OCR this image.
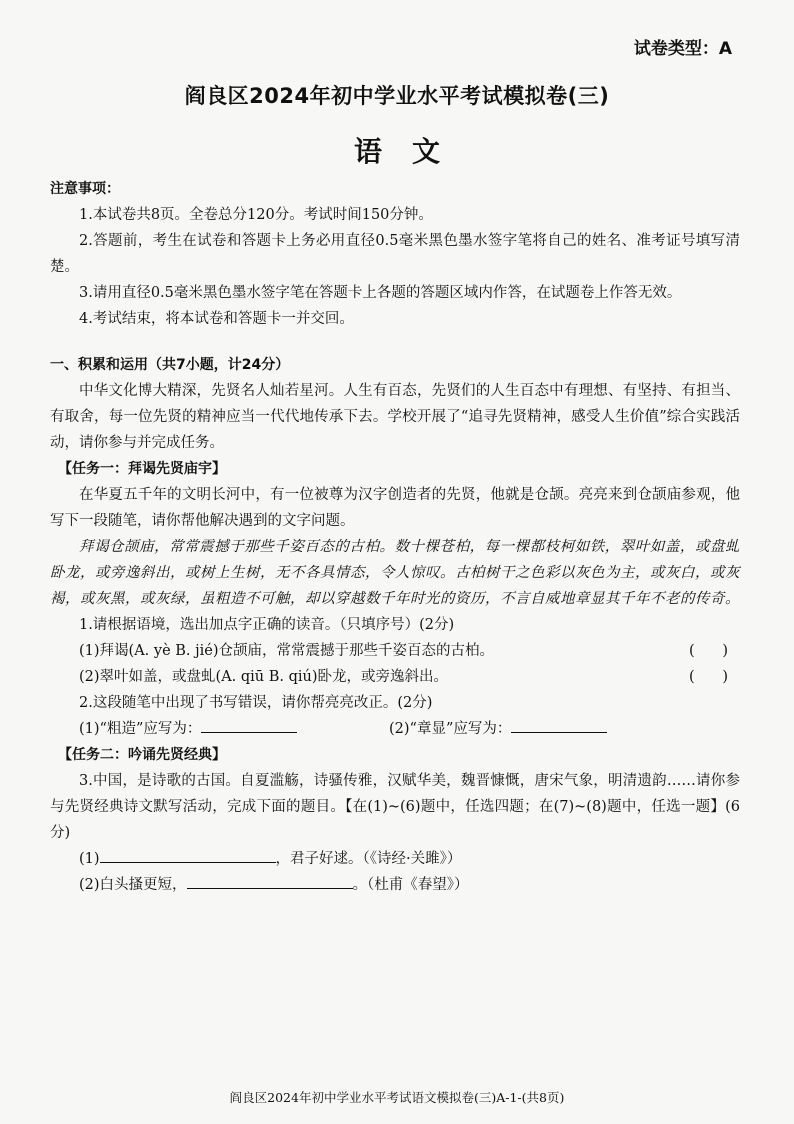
试卷类型：A
阎良区2024年初中学业水平考试模拟卷(三)
语文
注意事项：

1.本试卷共8页。全卷总分120分。考试时间150分钟。

2.答题前，考生在试卷和答题卡上务必用直径0.5毫米黑色墨水签字笔将自己的姓名、准考证号填写清楚。

3.请用直径0.5毫米黑色墨水签字笔在答题卡上各题的答题区域内作答，在试题卷上作答无效。

4.考试结束，将本试卷和答题卡一并交回。

一、积累和运用（共7小题，计24分）

中华文化博大精深，先贤名人灿若星河。人生有百态，先贤们的人生百态中有理想、有坚持、有担当、有取舍，每一位先贤的精神应当一代代地传承下去。学校开展了“追寻先贤精神，感受人生价值”综合实践活动，请你参与并完成任务。

【任务一：拜谒先贤庙宇】

在华夏五千年的文明长河中，有一位被尊为汉字创造者的先贤，他就是仓颉。亮亮来到仓颉庙参观，他写下一段随笔，请你帮他解决遇到的文字问题。

拜谒仓颉庙，常常震撼于那些千姿百态的古柏。数十棵苍柏，每一棵都枝柯如铁，翠叶如盖，或盘虬卧龙，或旁逸斜出，或树上生树，无不各具情态，令人惊叹。古柏树干之色彩以灰色为主，或灰白，或灰褐，或灰黑，或灰绿，虽粗造不可触，却以穿越数千年时光的资历，不言自威地章显其千年不老的传奇。

1.请根据语境，选出加点字正确的读音。（只填序号）(2分)
(1)拜谒(A. yè B. jié)仓颉庙，常常震撼于那些千姿百态的古柏。	(      )
(2)翠叶如盖，或盘虬(A. qiū B. qiú)卧龙，或旁逸斜出。	(      )
2.这段随笔中出现了书写错误，请你帮亮亮改正。(2分)
(1)“粗造”应写为：	(2)“章显”应写为：
【任务二：吟诵先贤经典】

3.中国，是诗歌的古国。自夏滥觞，诗骚传雅，汉赋华美，魏晋慷慨，唐宋气象，明清遗韵……请你参与先贤经典诗文默写活动，完成下面的题目。【在(1)~(6)题中，任选四题；在(7)~(8)题中，任选一题】(6分)

(1)	，君子好逑。（《诗经·关雎》）
(2)白头搔更短，	。（杜甫《春望》）
阎良区2024年初中学业水平考试语文模拟卷(三)A-1-(共8页)
